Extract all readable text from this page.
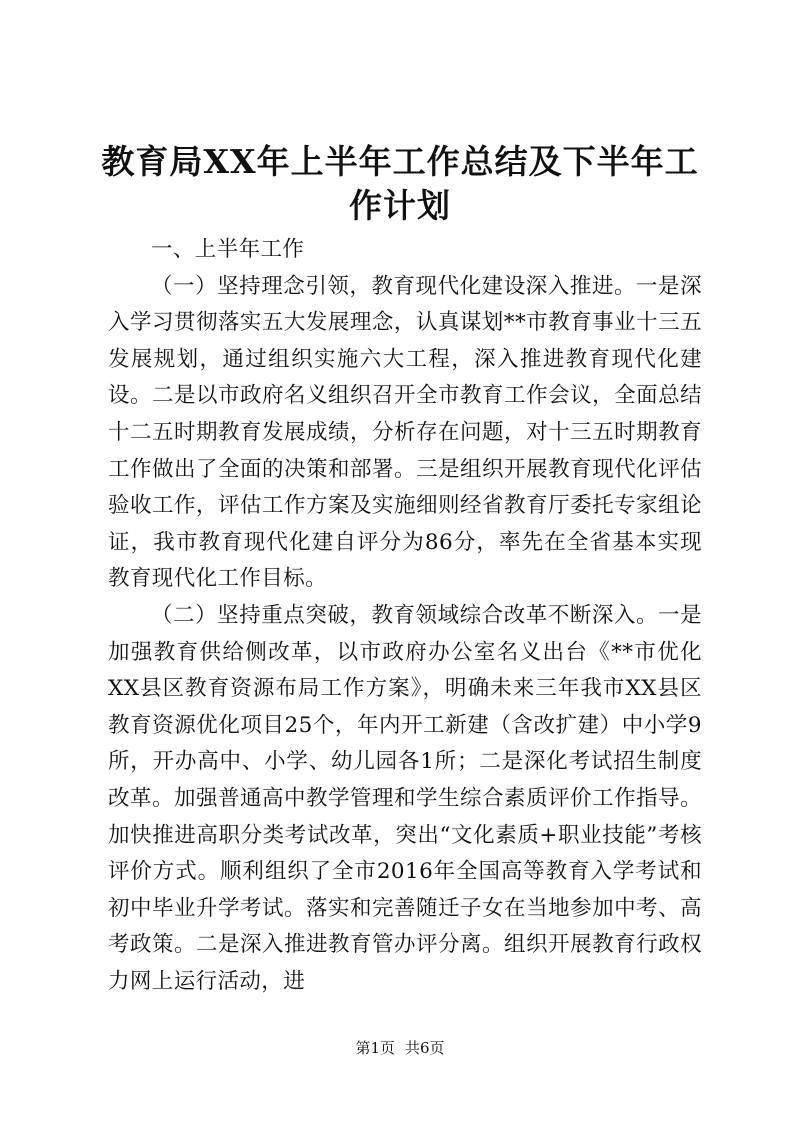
教育局XX年上半年工作总结及下半年工作计划

一、上半年工作

（一）坚持理念引领，教育现代化建设深入推进。一是深入学习贯彻落实五大发展理念，认真谋划**市教育事业十三五发展规划，通过组织实施六大工程，深入推进教育现代化建设。二是以市政府名义组织召开全市教育工作会议，全面总结十二五时期教育发展成绩，分析存在问题，对十三五时期教育工作做出了全面的决策和部署。三是组织开展教育现代化评估验收工作，评估工作方案及实施细则经省教育厅委托专家组论证，我市教育现代化建自评分为86分，率先在全省基本实现教育现代化工作目标。

（二）坚持重点突破，教育领域综合改革不断深入。一是加强教育供给侧改革，以市政府办公室名义出台《**市优化XX县区教育资源布局工作方案》，明确未来三年我市XX县区教育资源优化项目25个，年内开工新建（含改扩建）中小学9所，开办高中、小学、幼儿园各1所；二是深化考试招生制度改革。加强普通高中教学管理和学生综合素质评价工作指导。加快推进高职分类考试改革，突出“文化素质+职业技能”考核评价方式。顺利组织了全市2016年全国高等教育入学考试和初中毕业升学考试。落实和完善随迁子女在当地参加中考、高考政策。二是深入推进教育管办评分离。组织开展教育行政权力网上运行活动，进

第1页 共6页
